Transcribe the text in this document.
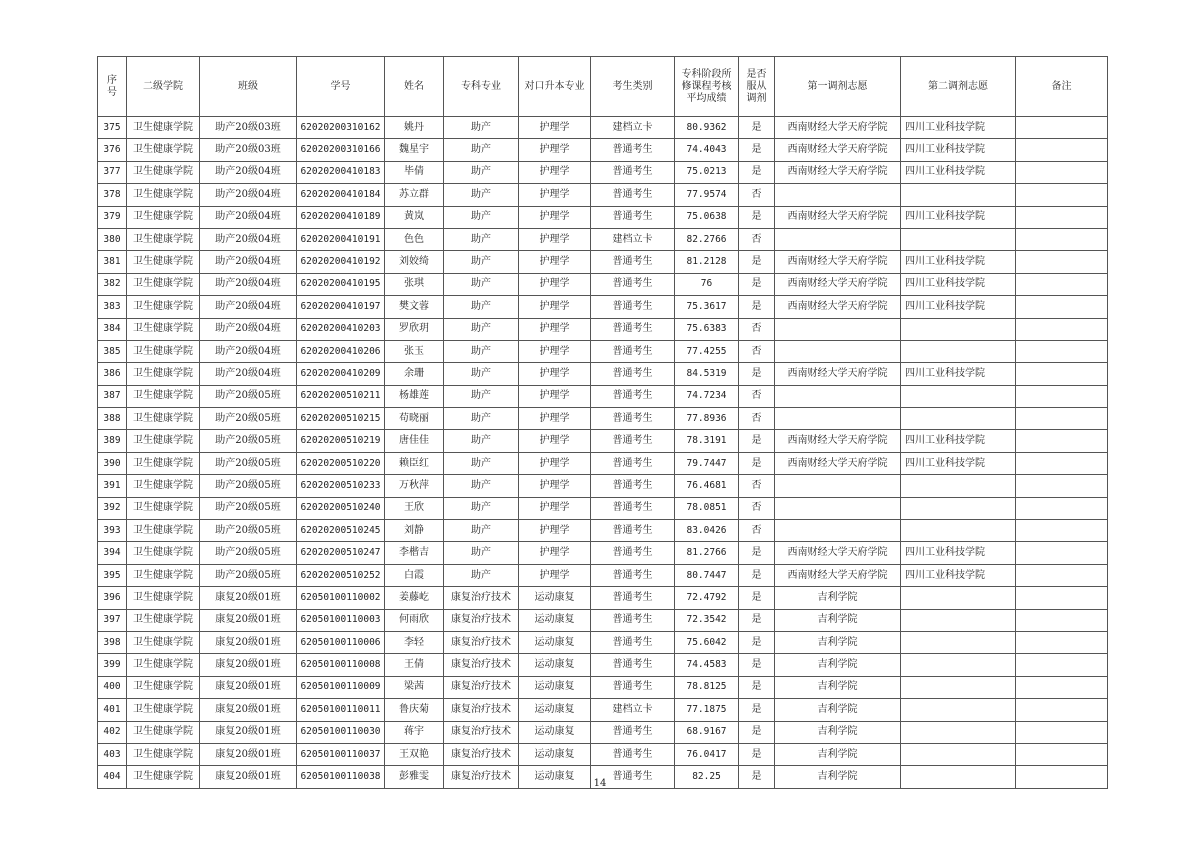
序号	二级学院	班级	学号	姓名	专科专业	对口升本专业	考生类别	专科阶段所修课程考核平均成绩	是否服从调剂	第一调剂志愿	第二调剂志愿	备注
375	卫生健康学院	助产20级03班	62020200310162	姚丹	助产	护理学	建档立卡	80.9362	是	西南财经大学天府学院	四川工业科技学院	
376	卫生健康学院	助产20级03班	62020200310166	魏星宇	助产	护理学	普通考生	74.4043	是	西南财经大学天府学院	四川工业科技学院	
377	卫生健康学院	助产20级04班	62020200410183	毕倩	助产	护理学	普通考生	75.0213	是	西南财经大学天府学院	四川工业科技学院	
378	卫生健康学院	助产20级04班	62020200410184	苏立群	助产	护理学	普通考生	77.9574	否			
379	卫生健康学院	助产20级04班	62020200410189	黄岚	助产	护理学	普通考生	75.0638	是	西南财经大学天府学院	四川工业科技学院	
380	卫生健康学院	助产20级04班	62020200410191	色色	助产	护理学	建档立卡	82.2766	否			
381	卫生健康学院	助产20级04班	62020200410192	刘姣绮	助产	护理学	普通考生	81.2128	是	西南财经大学天府学院	四川工业科技学院	
382	卫生健康学院	助产20级04班	62020200410195	张琪	助产	护理学	普通考生	76	是	西南财经大学天府学院	四川工业科技学院	
383	卫生健康学院	助产20级04班	62020200410197	樊文蓉	助产	护理学	普通考生	75.3617	是	西南财经大学天府学院	四川工业科技学院	
384	卫生健康学院	助产20级04班	62020200410203	罗欣玥	助产	护理学	普通考生	75.6383	否			
385	卫生健康学院	助产20级04班	62020200410206	张玉	助产	护理学	普通考生	77.4255	否			
386	卫生健康学院	助产20级04班	62020200410209	余珊	助产	护理学	普通考生	84.5319	是	西南财经大学天府学院	四川工业科技学院	
387	卫生健康学院	助产20级05班	62020200510211	杨雄莲	助产	护理学	普通考生	74.7234	否			
388	卫生健康学院	助产20级05班	62020200510215	苟晓丽	助产	护理学	普通考生	77.8936	否			
389	卫生健康学院	助产20级05班	62020200510219	唐佳佳	助产	护理学	普通考生	78.3191	是	西南财经大学天府学院	四川工业科技学院	
390	卫生健康学院	助产20级05班	62020200510220	赖臣红	助产	护理学	普通考生	79.7447	是	西南财经大学天府学院	四川工业科技学院	
391	卫生健康学院	助产20级05班	62020200510233	万秋萍	助产	护理学	普通考生	76.4681	否			
392	卫生健康学院	助产20级05班	62020200510240	王欣	助产	护理学	普通考生	78.0851	否			
393	卫生健康学院	助产20级05班	62020200510245	刘静	助产	护理学	普通考生	83.0426	否			
394	卫生健康学院	助产20级05班	62020200510247	李楷吉	助产	护理学	普通考生	81.2766	是	西南财经大学天府学院	四川工业科技学院	
395	卫生健康学院	助产20级05班	62020200510252	白霞	助产	护理学	普通考生	80.7447	是	西南财经大学天府学院	四川工业科技学院	
396	卫生健康学院	康复20级01班	62050100110002	姜藤屹	康复治疗技术	运动康复	普通考生	72.4792	是	吉利学院		
397	卫生健康学院	康复20级01班	62050100110003	何雨欣	康复治疗技术	运动康复	普通考生	72.3542	是	吉利学院		
398	卫生健康学院	康复20级01班	62050100110006	李轻	康复治疗技术	运动康复	普通考生	75.6042	是	吉利学院		
399	卫生健康学院	康复20级01班	62050100110008	王倩	康复治疗技术	运动康复	普通考生	74.4583	是	吉利学院		
400	卫生健康学院	康复20级01班	62050100110009	梁茜	康复治疗技术	运动康复	普通考生	78.8125	是	吉利学院		
401	卫生健康学院	康复20级01班	62050100110011	鲁庆菊	康复治疗技术	运动康复	建档立卡	77.1875	是	吉利学院		
402	卫生健康学院	康复20级01班	62050100110030	蒋宇	康复治疗技术	运动康复	普通考生	68.9167	是	吉利学院		
403	卫生健康学院	康复20级01班	62050100110037	王双艳	康复治疗技术	运动康复	普通考生	76.0417	是	吉利学院		
404	卫生健康学院	康复20级01班	62050100110038	彭雅雯	康复治疗技术	运动康复	普通考生	82.25	是	吉利学院		
14
